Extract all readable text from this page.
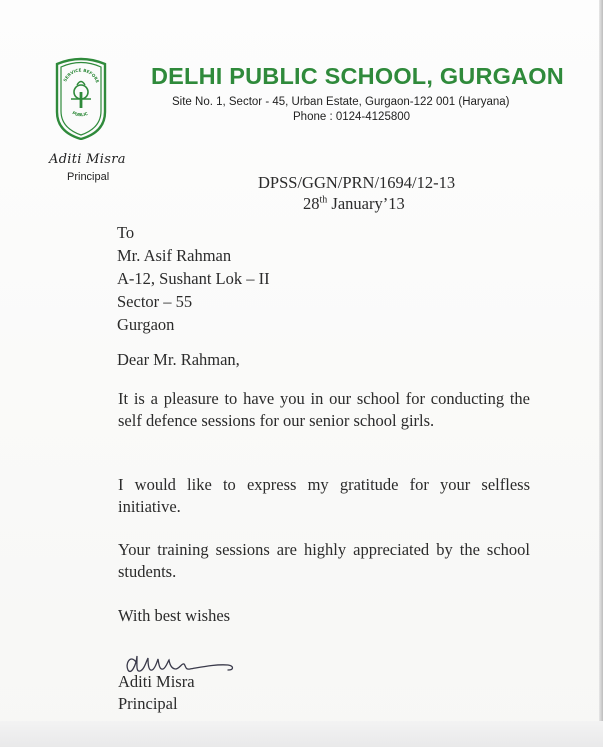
SERVICE BEFORE
PUBLIC
DELHI PUBLIC SCHOOL, GURGAON
Site No. 1, Sector - 45, Urban Estate, Gurgaon-122 001 (Haryana)
Phone : 0124-4125800
Aditi Misra
Principal	DPSS/GGN/PRN/1694/12-13
28th January’13
To
Mr. Asif Rahman
A-12, Sushant Lok – II
Sector – 55
Gurgaon
Dear Mr. Rahman,
It is a pleasure to have you in our school for conducting the self defence sessions for our senior school girls.
I would like to express my gratitude for your selfless initiative.
Your training sessions are highly appreciated by the school students.
With best wishes
Aditi Misra
Principal
